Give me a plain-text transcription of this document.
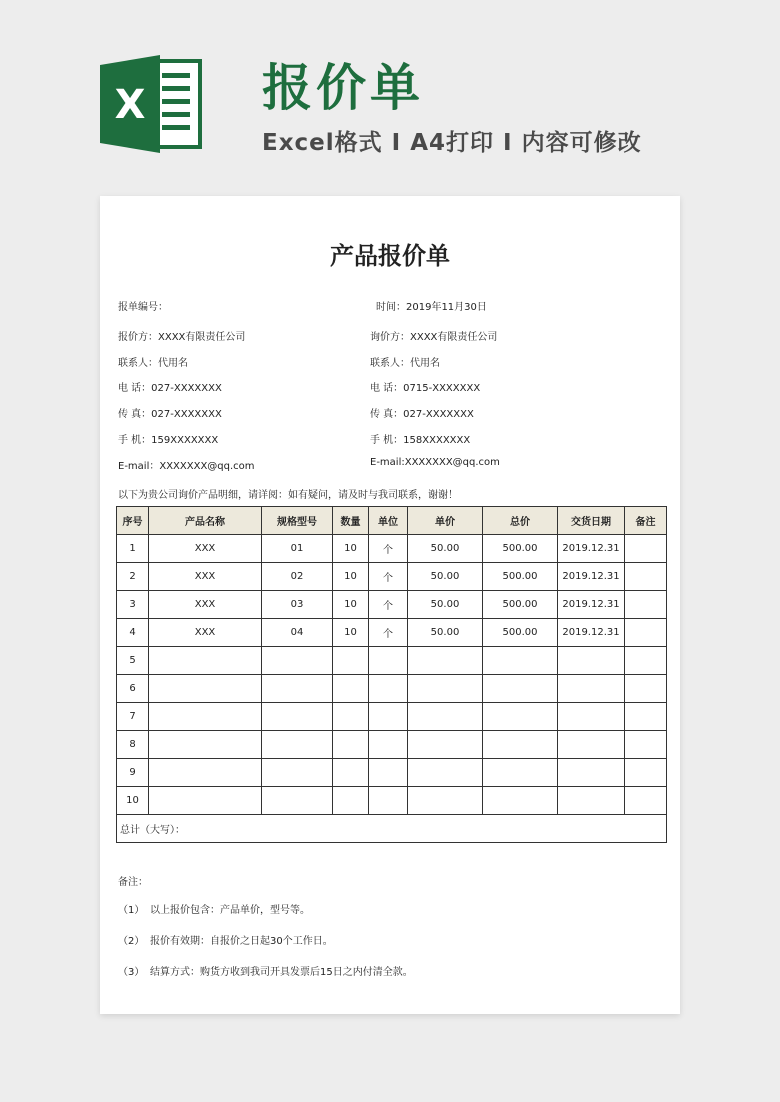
X 报价单
Excel格式 I A4打印 I 内容可修改
产品报价单
报单编号：
报价方：XXXX有限责任公司
联系人：代用名
电 话：027-XXXXXXX
传 真：027-XXXXXXX
手 机：159XXXXXXX
E-mail：XXXXXXX@qq.com
时间：2019年11月30日
询价方：XXXX有限责任公司
联系人：代用名
电 话：0715-XXXXXXX
传 真：027-XXXXXXX
手 机：158XXXXXXX
E-mail:XXXXXXX@qq.com
以下为贵公司询价产品明细，请详阅：如有疑问，请及时与我司联系，谢谢！
序号	产品名称	规格型号	数量	单位	单价	总价	交货日期	备注
1	XXX	01	10	个	50.00	500.00	2019.12.31	
2	XXX	02	10	个	50.00	500.00	2019.12.31	
3	XXX	03	10	个	50.00	500.00	2019.12.31	
4	XXX	04	10	个	50.00	500.00	2019.12.31	
5								
6								
7								
8								
9								
10								
总计（大写）：								
备注：
（1） 以上报价包含：产品单价，型号等。
（2） 报价有效期：自报价之日起30个工作日。
（3） 结算方式：购货方收到我司开具发票后15日之内付清全款。
